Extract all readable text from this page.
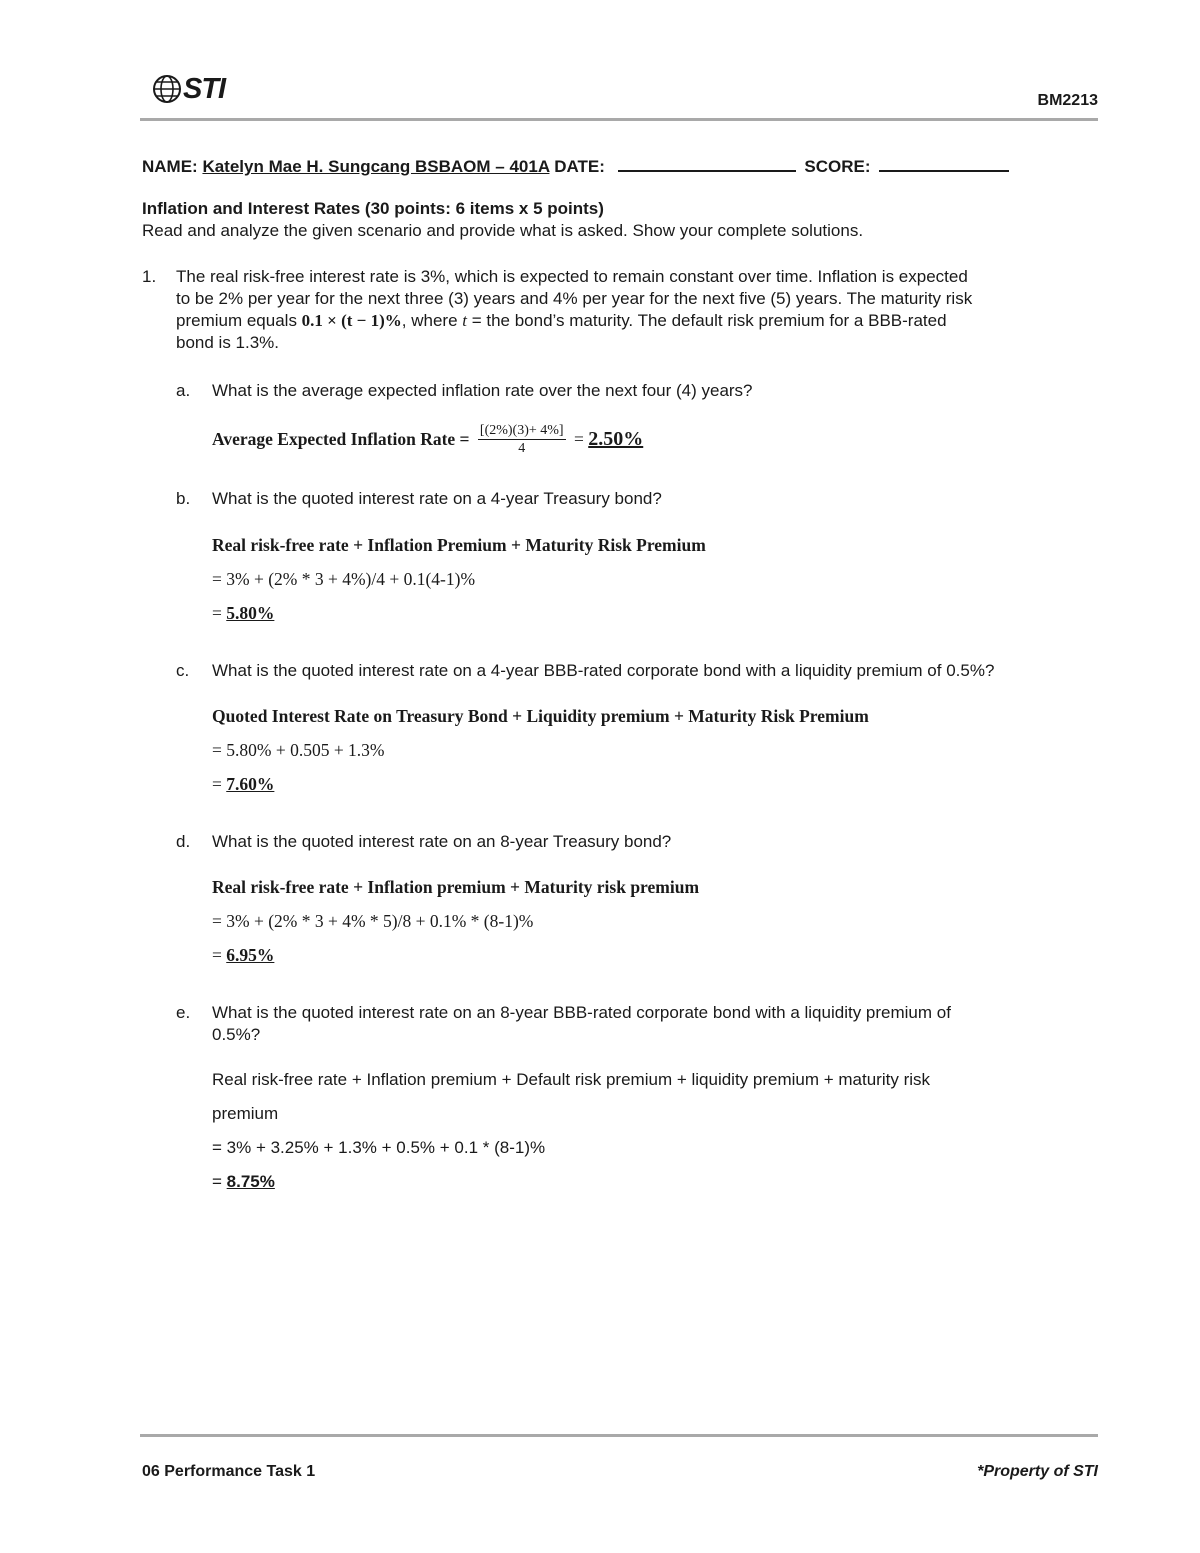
STI	BM2213
NAME: Katelyn Mae H. Sungcang BSBAOM – 401A DATE:	SCORE:
Inflation and Interest Rates (30 points: 6 items x 5 points)
Read and analyze the given scenario and provide what is asked. Show your complete solutions.
1. The real risk-free interest rate is 3%, which is expected to remain constant over time. Inflation is expected
to be 2% per year for the next three (3) years and 4% per year for the next five (5) years. The maturity risk
premium equals 0.1 × (t − 1)%, where t = the bond’s maturity. The default risk premium for a BBB-rated
bond is 1.3%.
a. What is the average expected inflation rate over the next four (4) years?
Average Expected Inflation Rate = $\frac{[(2\%)(3)+ 4\%]}{4} = 2.50\%$
b. What is the quoted interest rate on a 4-year Treasury bond?
Real risk-free rate + Inflation Premium + Maturity Risk Premium
= 3% + (2% * 3 + 4%)/4 + 0.1(4-1)%
= 5.80%
c. What is the quoted interest rate on a 4-year BBB-rated corporate bond with a liquidity premium of 0.5%?
Quoted Interest Rate on Treasury Bond + Liquidity premium + Maturity Risk Premium
= 5.80% + 0.505 + 1.3%
= 7.60%
d. What is the quoted interest rate on an 8-year Treasury bond?
Real risk-free rate + Inflation premium + Maturity risk premium
= 3% + (2% * 3 + 4% * 5)/8 + 0.1% * (8-1)%
= 6.95%
e. What is the quoted interest rate on an 8-year BBB-rated corporate bond with a liquidity premium of
0.5%?
Real risk-free rate + Inflation premium + Default risk premium + liquidity premium + maturity risk
premium
= 3% + 3.25% + 1.3% + 0.5% + 0.1 * (8-1)%
= 8.75%
06 Performance Task 1	*Property of STI
